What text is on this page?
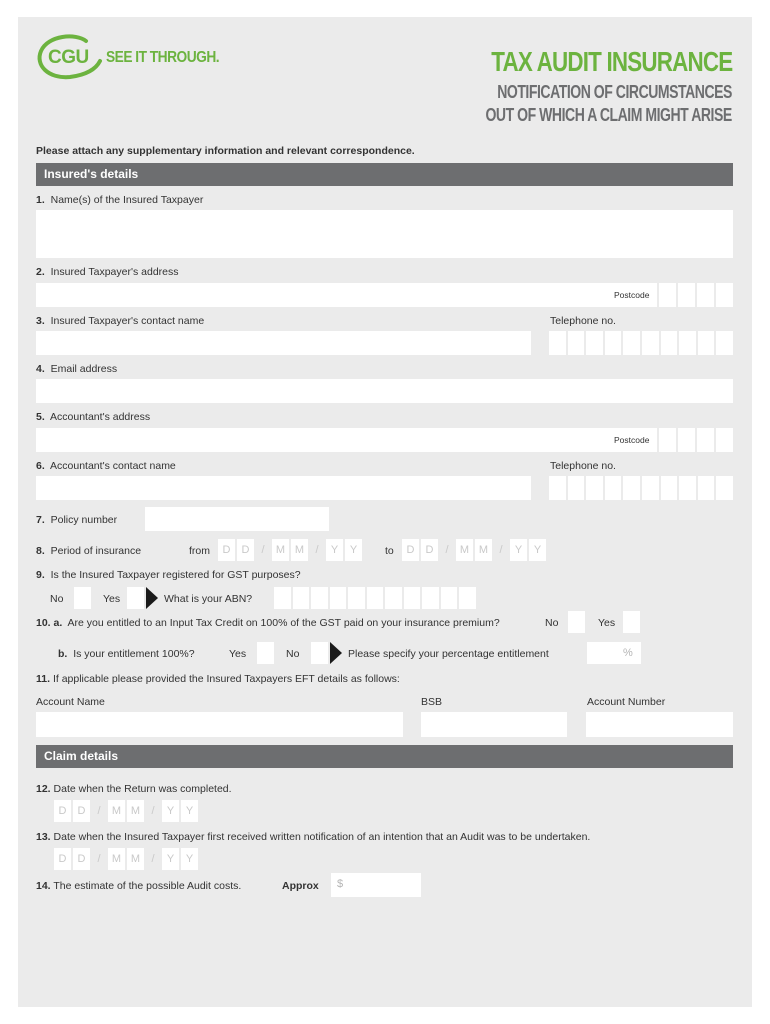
CGU SEE IT THROUGH.	TAX AUDIT INSURANCE
NOTIFICATION OF CIRCUMSTANCES
OUT OF WHICH A CLAIM MIGHT ARISE
Please attach any supplementary information and relevant correspondence.
Insured's details
1. Name(s) of the Insured Taxpayer
2. Insured Taxpayer's address
Postcode
3. Insured Taxpayer's contact name	Telephone no.
4. Email address
5. Accountant's address
Postcode
6. Accountant's contact name	Telephone no.
7. Policy number
8. Period of insurance	from	D	D	/	M M	/	Y	Y	to	D	D	/	M M	/	Y	Y
9. Is the Insured Taxpayer registered for GST purposes?
No	Yes	What is your ABN?
10. a. Are you entitled to an Input Tax Credit on 100% of the GST paid on your insurance premium?	No	Yes
b. Is your entitlement 100%?	Yes	No	Please specify your percentage entitlement	%
11. If applicable please provided the Insured Taxpayers EFT details as follows:
Account Name	BSB	Account Number
Claim details
12. Date when the Return was completed.
D	D	/	M M	/	Y	Y
13. Date when the Insured Taxpayer first received written notification of an intention that an Audit was to be undertaken.
D	D	/	M M	/	Y	Y
14. The estimate of the possible Audit costs.	Approx $
